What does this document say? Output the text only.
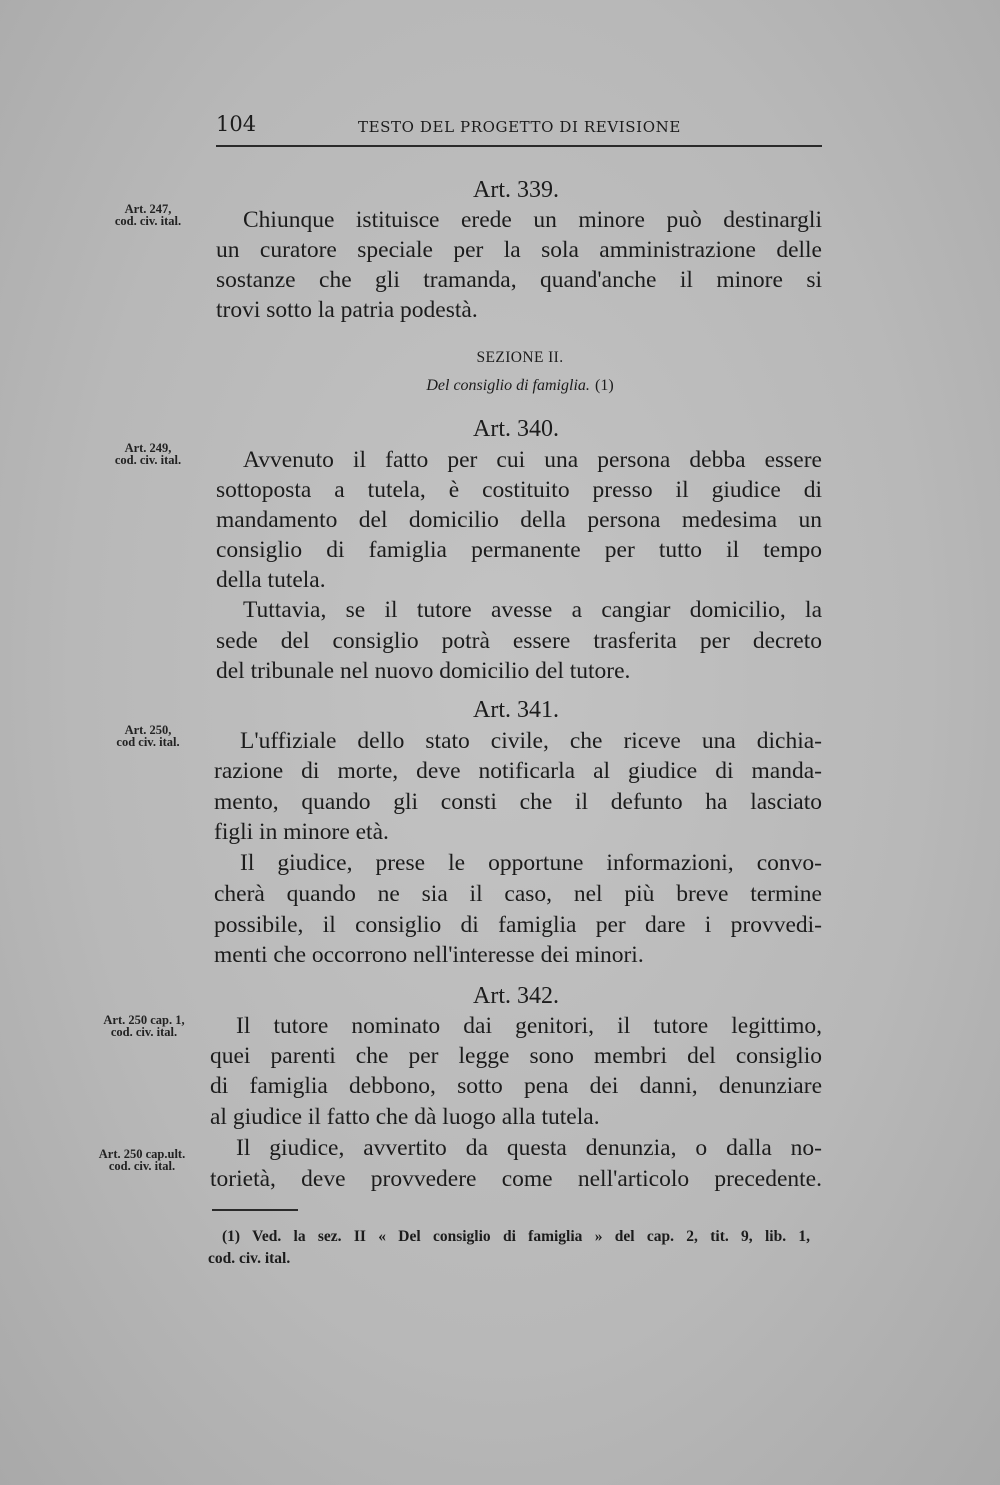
104	TESTO DEL PROGETTO DI REVISIONE
Art. 247,
cod. civ. ital.
Art. 249,
cod. civ. ital.
Art. 250,
cod civ. ital.
Art. 250 cap. 1,
cod. civ. ital.
Art. 250 cap.ult.
cod. civ. ital.
Art. 339.
Chiunque istituisce erede un minore può destinargli
un curatore speciale per la sola amministrazione delle
sostanze che gli tramanda, quand'anche il minore si
trovi sotto la patria podestà.
SEZIONE II.
Del consiglio di famiglia. (1)
Art. 340.
Avvenuto il fatto per cui una persona debba essere
sottoposta a tutela, è costituito presso il giudice di
mandamento del domicilio della persona medesima un
consiglio di famiglia permanente per tutto il tempo
della tutela.
Tuttavia, se il tutore avesse a cangiar domicilio, la
sede del consiglio potrà essere trasferita per decreto
del tribunale nel nuovo domicilio del tutore.
Art. 341.
L'uffiziale dello stato civile, che riceve una dichia-
razione di morte, deve notificarla al giudice di manda-
mento, quando gli consti che il defunto ha lasciato
figli in minore età.
Il giudice, prese le opportune informazioni, convo-
cherà quando ne sia il caso, nel più breve termine
possibile, il consiglio di famiglia per dare i provvedi-
menti che occorrono nell'interesse dei minori.
Art. 342.
Il tutore nominato dai genitori, il tutore legittimo,
quei parenti che per legge sono membri del consiglio
di famiglia debbono, sotto pena dei danni, denunziare
al giudice il fatto che dà luogo alla tutela.
Il giudice, avvertito da questa denunzia, o dalla no-
torietà, deve provvedere come nell'articolo precedente.
(1) Ved. la sez. II « Del consiglio di famiglia » del cap. 2, tit. 9, lib. 1,
cod. civ. ital.
